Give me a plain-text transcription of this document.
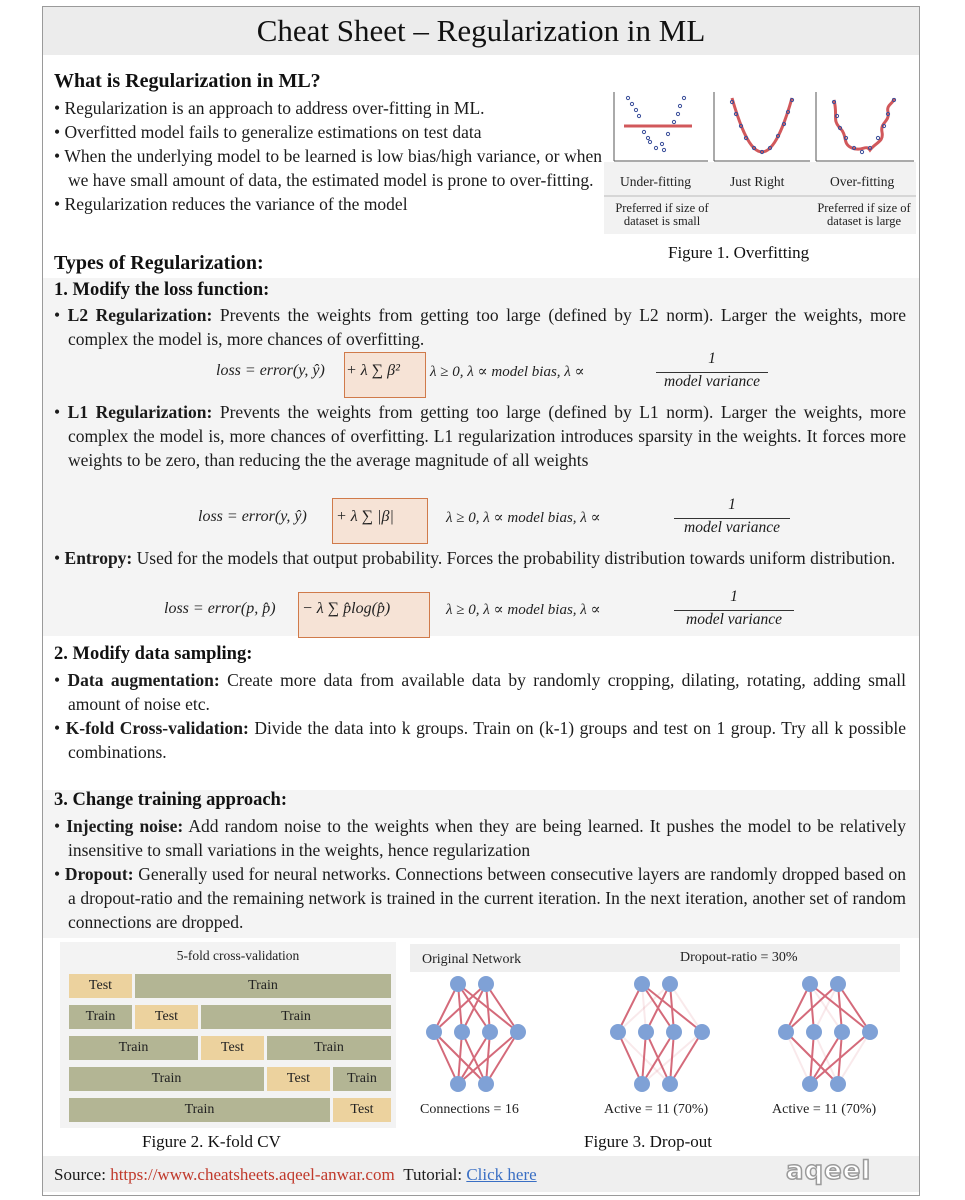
Cheat Sheet – Regularization in ML
What is Regularization in ML?
• Regularization is an approach to address over-fitting in ML.
• Overfitted model fails to generalize estimations on test data
• When the underlying model to be learned is low bias/high variance, or when we have small amount of data, the estimated model is prone to over-fitting.
• Regularization reduces the variance of the model
Under-fitting	Just Right	Over-fitting
Preferred if size of dataset is small
Preferred if size of dataset is large
Figure 1. Overfitting
Types of Regularization:
1. Modify the loss function:
• L2 Regularization: Prevents the weights from getting too large (defined by L2 norm). Larger the weights, more complex the model is, more chances of overfitting.
loss = error(y, ŷ) + λ ∑ β² λ ≥ 0, λ ∝ model bias, λ ∝
1
model variance
• L1 Regularization: Prevents the weights from getting too large (defined by L1 norm). Larger the weights, more complex the model is, more chances of overfitting. L1 regularization introduces sparsity in the weights. It forces more weights to be zero, than reducing the the average magnitude of all weights
loss = error(y, ŷ) + λ ∑ |β|	λ ≥ 0, λ ∝ model bias, λ ∝
1
model variance
• Entropy: Used for the models that output probability. Forces the probability distribution towards uniform distribution.
loss = error(p, p̂) − λ ∑ p̂log(p̂)	λ ≥ 0, λ ∝ model bias, λ ∝
1
model variance
2. Modify data sampling:
• Data augmentation: Create more data from available data by randomly cropping, dilating, rotating, adding small amount of noise etc.
• K-fold Cross-validation: Divide the data into k groups. Train on (k-1) groups and test on 1 group. Try all k possible combinations.
3. Change training approach:
• Injecting noise: Add random noise to the weights when they are being learned. It pushes the model to be relatively insensitive to small variations in the weights, hence regularization
• Dropout: Generally used for neural networks. Connections between consecutive layers are randomly dropped based on a dropout-ratio and the remaining network is trained in the current iteration. In the next iteration, another set of random connections are dropped.
5-fold cross-validation
Test	Train
Train	Test	Train
Train	Test	Train
Train	Test	Train
Train	Test
Figure 2. K-fold CV
Original Network	Dropout-ratio = 30%
Connections = 16	Active = 11 (70%)	Active = 11 (70%)
Figure 3. Drop-out
Source: https://www.cheatsheets.aqeel-anwar.com Tutorial: Click here	aqeel
